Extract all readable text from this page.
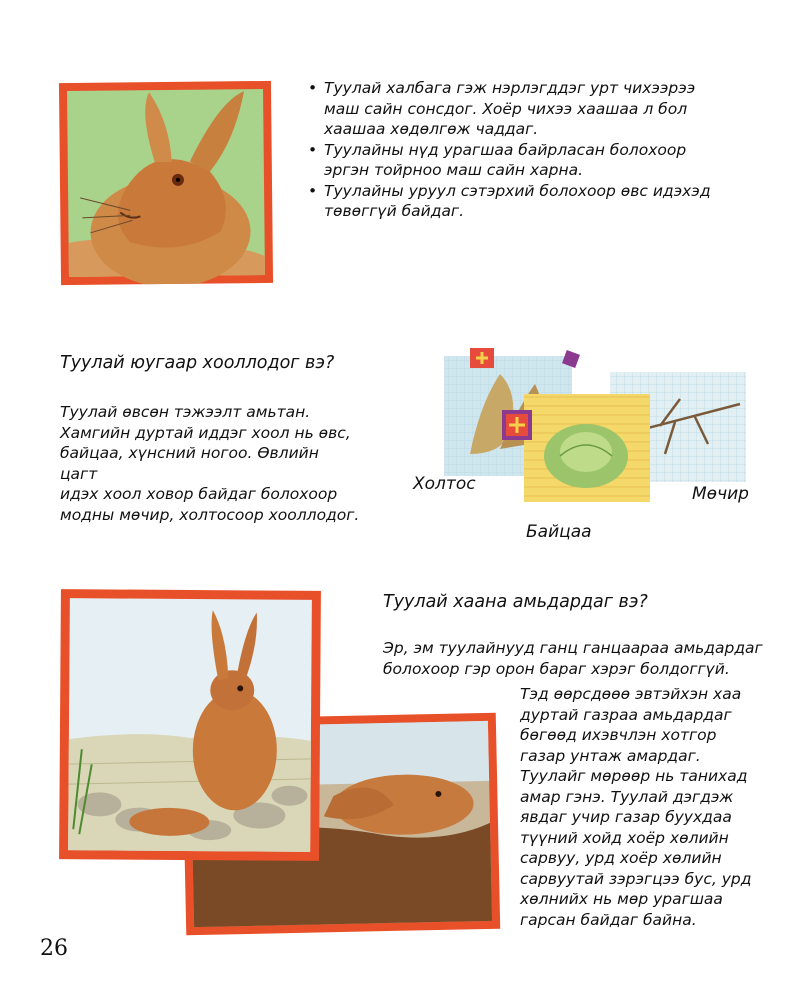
• Туулай халбага гэж нэрлэгддэг урт чихээрээ маш сайн сонсдог. Хоёр чихээ хаашаа л бол хаашаа хөдөлгөж чаддаг.
• Туулайны нүд урагшаа байрласан болохоор эргэн тойрноо маш сайн харна.
• Туулайны уруул сэтэрхий болохоор өвс идэхэд төвөггүй байдаг.
Туулай юугаар хооллодог вэ?
Туулай өвсөн тэжээлт амьтан.
Хамгийн дуртай иддэг хоол нь өвс,
байцаа, хүнсний ногоо. Өвлийн цагт
идэх хоол ховор байдаг болохоор
модны мөчир, холтосоор хооллодог.
Холтос
Байцаа
Мөчир
Туулай хаана амьдардаг вэ?
Эр, эм туулайнууд ганц ганцаараа амьдардаг
болохоор гэр орон бараг хэрэг болдоггүй.
Тэд өөрсдөөө эвтэйхэн хаа
дуртай газраа амьдардаг
бөгөөд ихэвчлэн хотгор
газар унтаж амардаг.
Туулайг мөрөөр нь танихад
амар гэнэ. Туулай дэгдэж
явдаг учир газар буухдаа
түүний хойд хоёр хөлийн
сарвуу, урд хоёр хөлийн
сарвуутай зэрэгцээ бус, урд
хөлнийх нь мөр урагшаа
гарсан байдаг байна.
26
